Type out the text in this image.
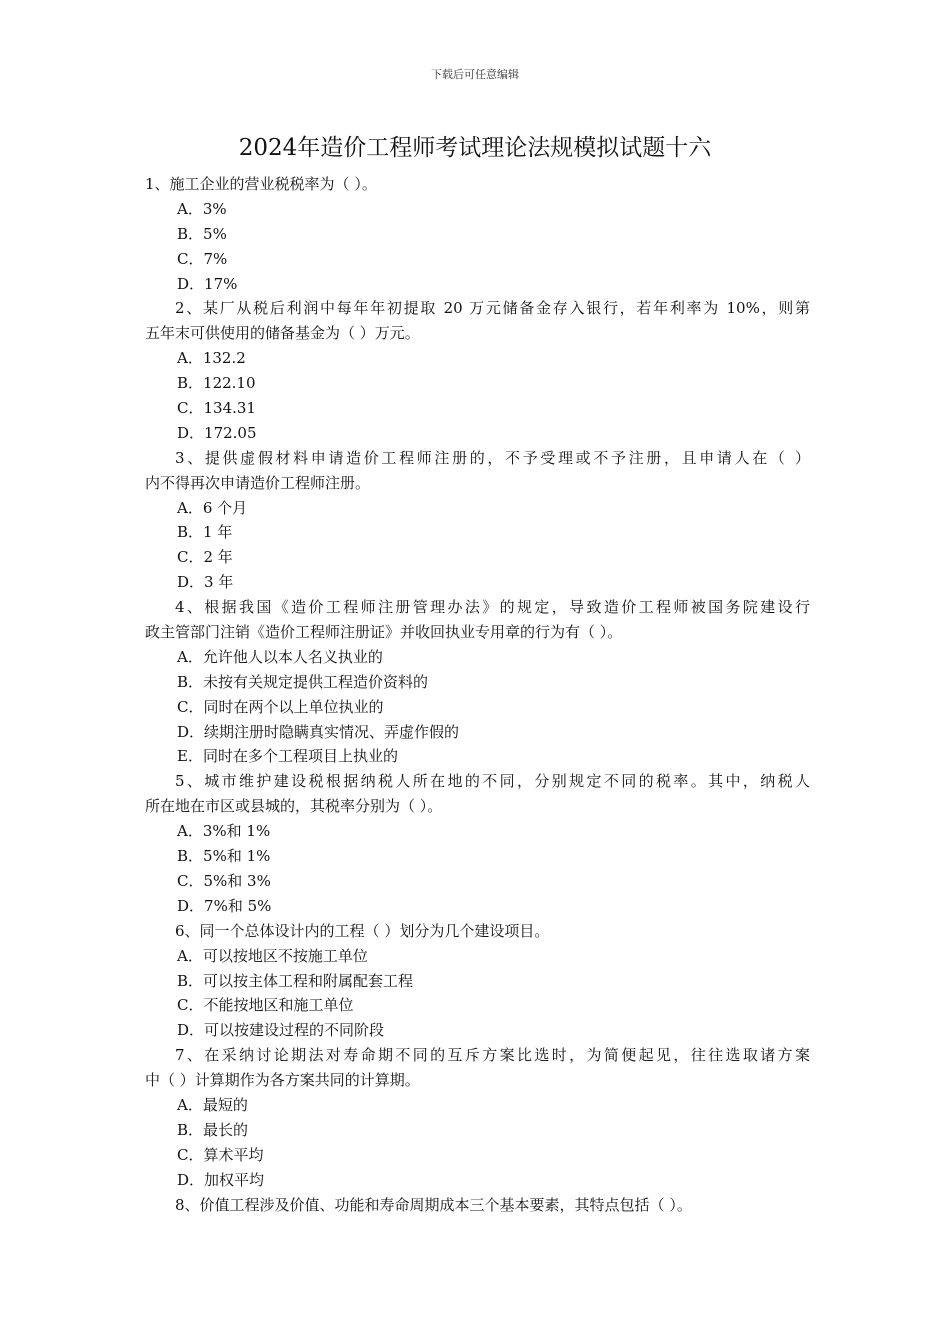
下载后可任意编辑
2024年造价工程师考试理论法规模拟试题十六
1、施工企业的营业税税率为（ ）。
A．3%
B．5%
C．7%
D．17%
2、某厂从税后利润中每年年初提取 20 万元储备金存入银行，若年利率为 10%，则第
五年末可供使用的储备基金为（ ）万元。
A．132.2
B．122.10
C．134.31
D．172.05
3、提供虚假材料申请造价工程师注册的，不予受理或不予注册，且申请人在（ ）
内不得再次申请造价工程师注册。
A．6 个月
B．1 年
C．2 年
D．3 年
4、根据我国《造价工程师注册管理办法》的规定，导致造价工程师被国务院建设行
政主管部门注销《造价工程师注册证》并收回执业专用章的行为有（ ）。
A．允许他人以本人名义执业的
B．未按有关规定提供工程造价资料的
C．同时在两个以上单位执业的
D．续期注册时隐瞒真实情况、弄虚作假的
E．同时在多个工程项目上执业的
5、城市维护建设税根据纳税人所在地的不同，分别规定不同的税率。其中，纳税人
所在地在市区或县城的，其税率分别为（ ）。
A．3%和 1%
B．5%和 1%
C．5%和 3%
D．7%和 5%
6、同一个总体设计内的工程（ ）划分为几个建设项目。
A．可以按地区不按施工单位
B．可以按主体工程和附属配套工程
C．不能按地区和施工单位
D．可以按建设过程的不同阶段
7、在采纳讨论期法对寿命期不同的互斥方案比选时，为简便起见，往往选取诸方案
中（ ）计算期作为各方案共同的计算期。
A．最短的
B．最长的
C．算术平均
D．加权平均
8、价值工程涉及价值、功能和寿命周期成本三个基本要素，其特点包括（ ）。
